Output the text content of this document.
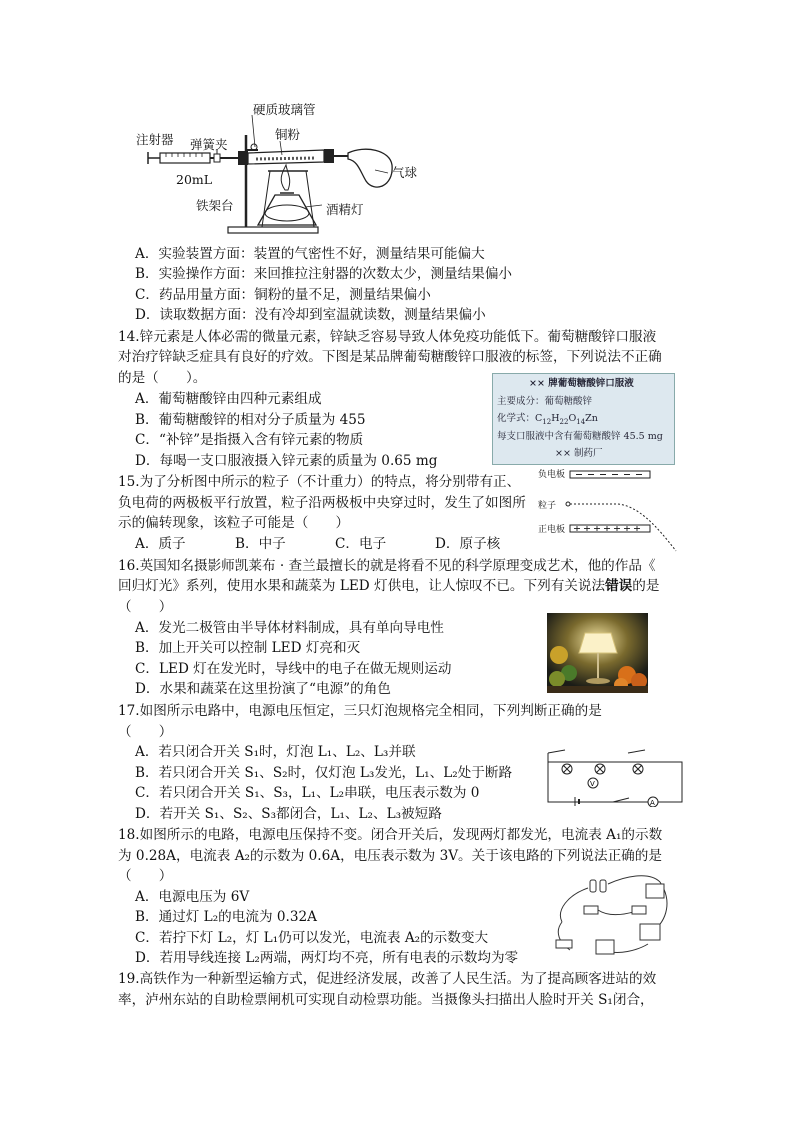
硬质玻璃管
注射器 弹簧夹
铜粉
气球
20mL
铁架台	酒精灯
A．实验装置方面：装置的气密性不好，测量结果可能偏大
B．实验操作方面：来回推拉注射器的次数太少，测量结果偏小
C．药品用量方面：铜粉的量不足，测量结果偏小
D．读取数据方面：没有冷却到室温就读数，测量结果偏小
14.锌元素是人体必需的微量元素，锌缺乏容易导致人体免疫功能低下。葡萄糖酸锌口服液
对治疗锌缺乏症具有良好的疗效。下图是某品牌葡萄糖酸锌口服液的标签，下列说法不正确
的是（　　）。
A．葡萄糖酸锌由四种元素组成
B．葡萄糖酸锌的相对分子质量为 455
C．“补锌”是指摄入含有锌元素的物质
D．每喝一支口服液摄入锌元素的质量为 0.65 mg
×× 牌葡萄糖酸锌口服液
主要成分：葡萄糖酸锌
化学式：$C_{12}H_{22}O_{14}Zn$
每支口服液中含有葡萄糖酸锌 45.5 mg
×× 制药厂
15.为了分析图中所示的粒子（不计重力）的特点，将分别带有正、
负电荷的两极板平行放置，粒子沿两极板中央穿过时，发生了如图所
示的偏转现象，该粒子可能是（　　）
A．质子	B．中子	C．电子	D．原子核
负电板
粒子
正电板
16.英国知名摄影师凯莱布 · 查兰最擅长的就是将看不见的科学原理变成艺术，他的作品《
回归灯光》系列，使用水果和蔬菜为 LED 灯供电，让人惊叹不已。下列有关说法错误的是
（　　）
A．发光二极管由半导体材料制成，具有单向导电性
B．加上开关可以控制 LED 灯亮和灭
C．LED 灯在发光时，导线中的电子在做无规则运动
D．水果和蔬菜在这里扮演了“电源”的角色
17.如图所示电路中，电源电压恒定，三只灯泡规格完全相同，下列判断正确的是
（　　）
A．若只闭合开关 S₁时，灯泡 L₁、L₂、L₃并联
B．若只闭合开关 S₁、S₂时，仅灯泡 L₃发光，L₁、L₂处于断路
C．若只闭合开关 S₁、S₃，L₁、L₂串联，电压表示数为 0
D．若开关 S₁、S₂、S₃都闭合，L₁、L₂、L₃被短路
V
A
18.如图所示的电路，电源电压保持不变。闭合开关后，发现两灯都发光，电流表 A₁的示数
为 0.28A，电流表 A₂的示数为 0.6A，电压表示数为 3V。关于该电路的下列说法正确的是
（　　）
A．电源电压为 6V
B．通过灯 L₂的电流为 0.32A
C．若拧下灯 L₂，灯 L₁仍可以发光，电流表 A₂的示数变大
D．若用导线连接 L₂两端，两灯均不亮，所有电表的示数均为零
19.高铁作为一种新型运输方式，促进经济发展，改善了人民生活。为了提高顾客进站的效
率，泸州东站的自助检票闸机可实现自动检票功能。当摄像头扫描出人脸时开关 S₁闭合，
